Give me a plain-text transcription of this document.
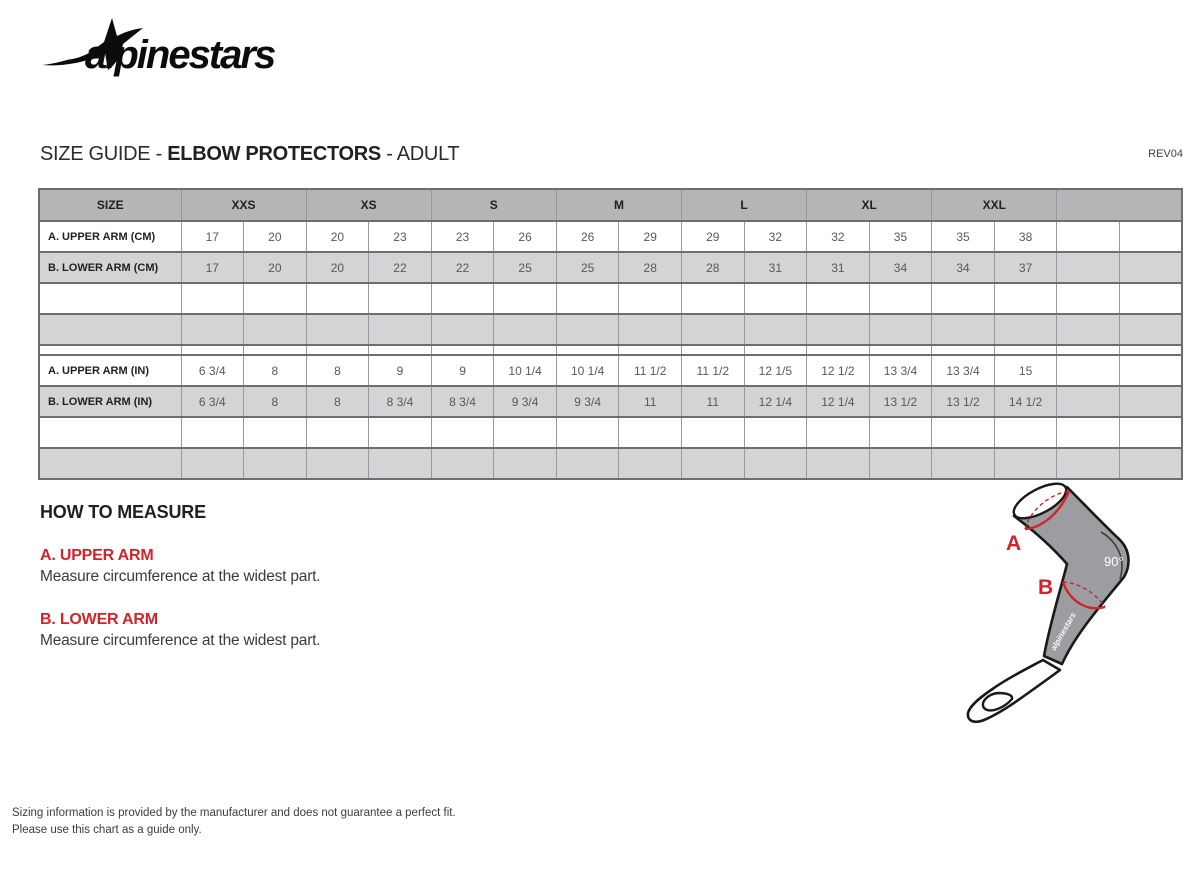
alpinestars
SIZE GUIDE - ELBOW PROTECTORS - ADULT	REV04
SIZE	XXS		XS		S		M		L		XL		XXL			
A. UPPER ARM (CM)	17	20	20	23	23	26	26	29	29	32	32	35	35	38		
B. LOWER ARM (CM)	17	20	20	22	22	25	25	28	28	31	31	34	34	37		

A. UPPER ARM (IN)	6 3/4	8	8	9	9	10 1/4	10 1/4	11 1/2	11 1/2	12 1/5	12 1/2	13 3/4	13 3/4	15		
B. LOWER ARM (IN)	6 3/4	8	8	8 3/4	8 3/4	9 3/4	9 3/4	11	11	12 1/4	12 1/4	13 1/2	13 1/2	14 1/2		

HOW TO MEASURE

A. UPPER ARM

Measure circumference at the widest part.

B. LOWER ARM

Measure circumference at the widest part.	alpinestars
90°
A
B
Sizing information is provided by the manufacturer and does not guarantee a perfect fit.
Please use this chart as a guide only.
